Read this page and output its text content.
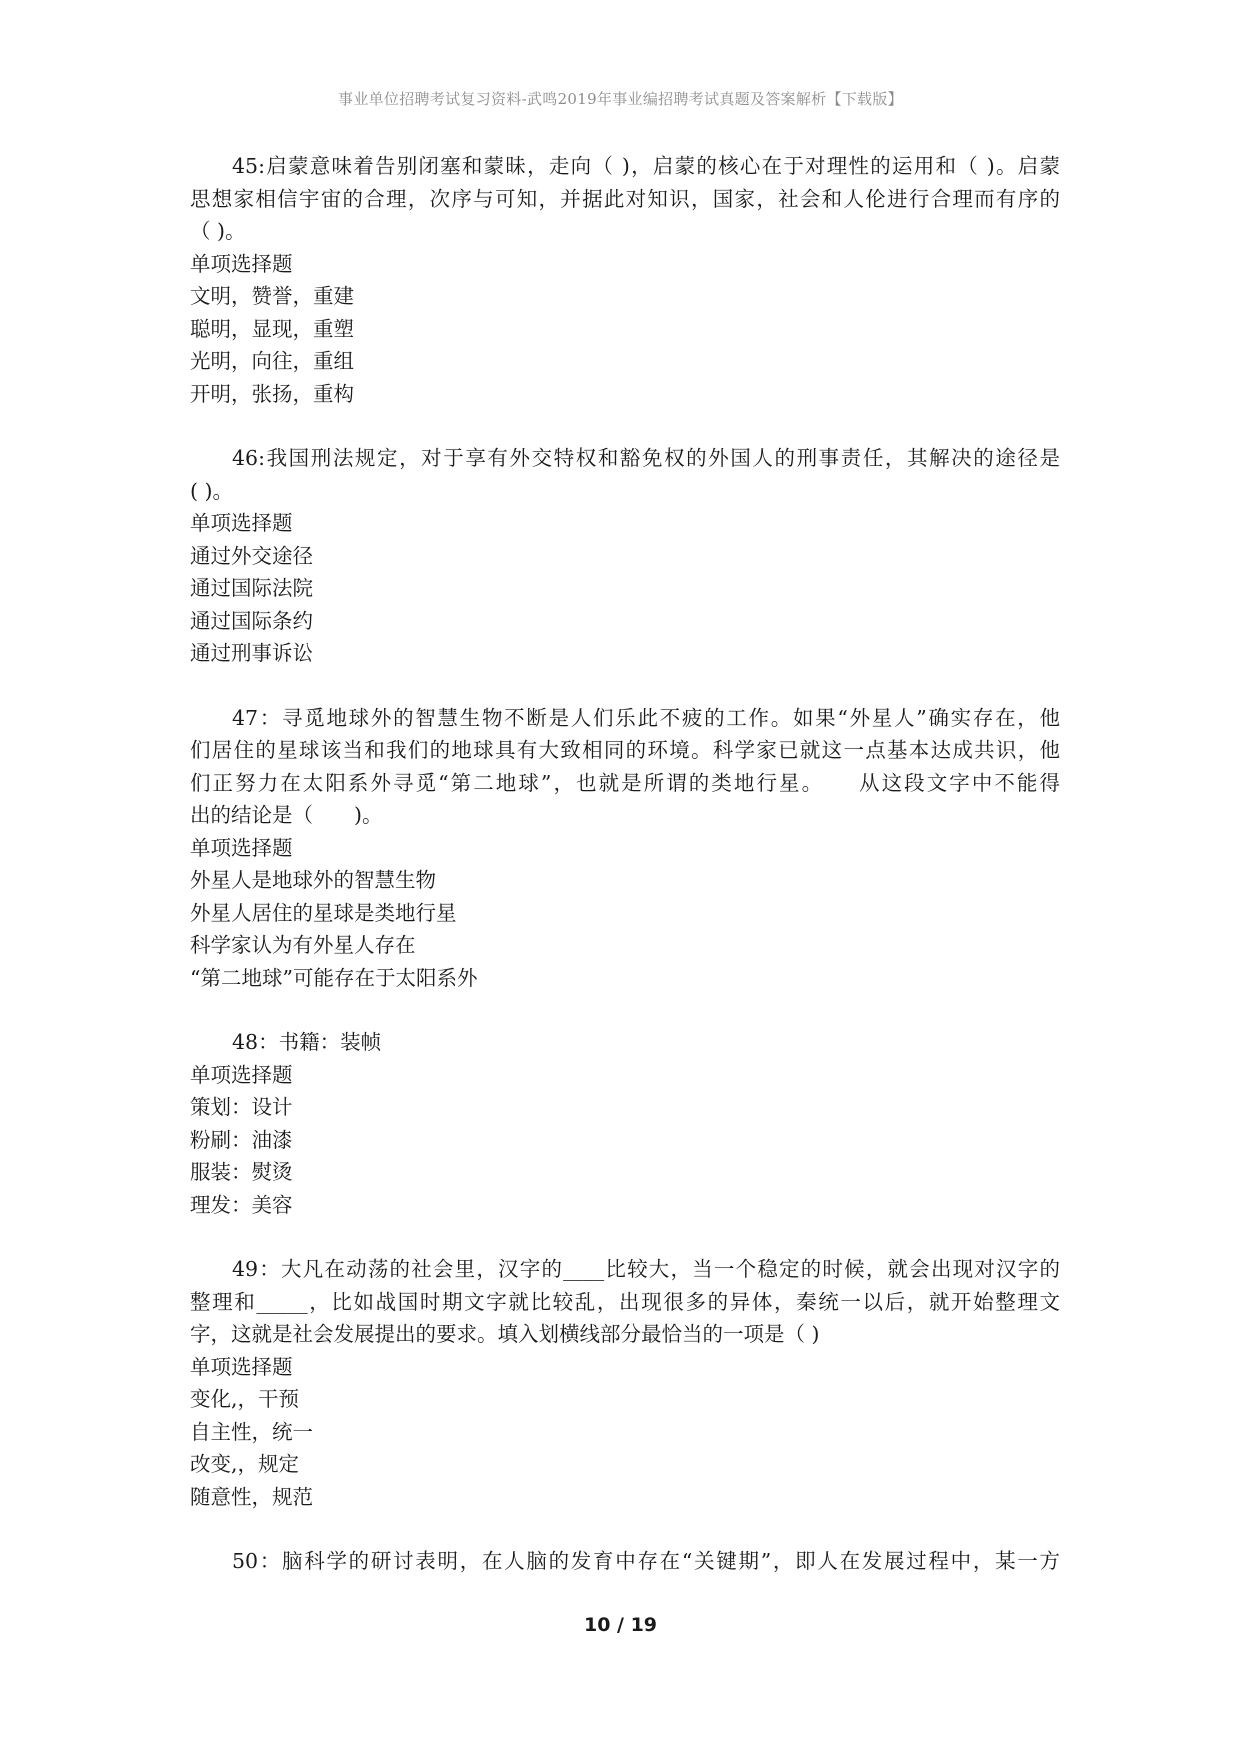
事业单位招聘考试复习资料-武鸣2019年事业编招聘考试真题及答案解析【下载版】
45:启蒙意味着告别闭塞和蒙昧，走向（ )，启蒙的核心在于对理性的运用和（ )。启蒙
思想家相信宇宙的合理，次序与可知，并据此对知识，国家，社会和人伦进行合理而有序的
（ )。
单项选择题
文明，赞誉，重建
聪明，显现，重塑
光明，向往，重组
开明，张扬，重构
46:我国刑法规定，对于享有外交特权和豁免权的外国人的刑事责任，其解决的途径是
( )。
单项选择题
通过外交途径
通过国际法院
通过国际条约
通过刑事诉讼
47：寻觅地球外的智慧生物不断是人们乐此不疲的工作。如果“外星人”确实存在，他
们居住的星球该当和我们的地球具有大致相同的环境。科学家已就这一点基本达成共识，他
们正努力在太阳系外寻觅“第二地球”，也就是所谓的类地行星。　　从这段文字中不能得
出的结论是（　　)。
单项选择题
外星人是地球外的智慧生物
外星人居住的星球是类地行星
科学家认为有外星人存在
“第二地球”可能存在于太阳系外
48：书籍：装帧
单项选择题
策划：设计
粉刷：油漆
服装：熨烫
理发：美容
49：大凡在动荡的社会里，汉字的____比较大，当一个稳定的时候，就会出现对汉字的
整理和_____，比如战国时期文字就比较乱，出现很多的异体，秦统一以后，就开始整理文
字，这就是社会发展提出的要求。填入划横线部分最恰当的一项是（ )
单项选择题
变化,，干预
自主性，统一
改变,，规定
随意性，规范
50：脑科学的研讨表明，在人脑的发育中存在“关键期”，即人在发展过程中，某一方
10 / 19
